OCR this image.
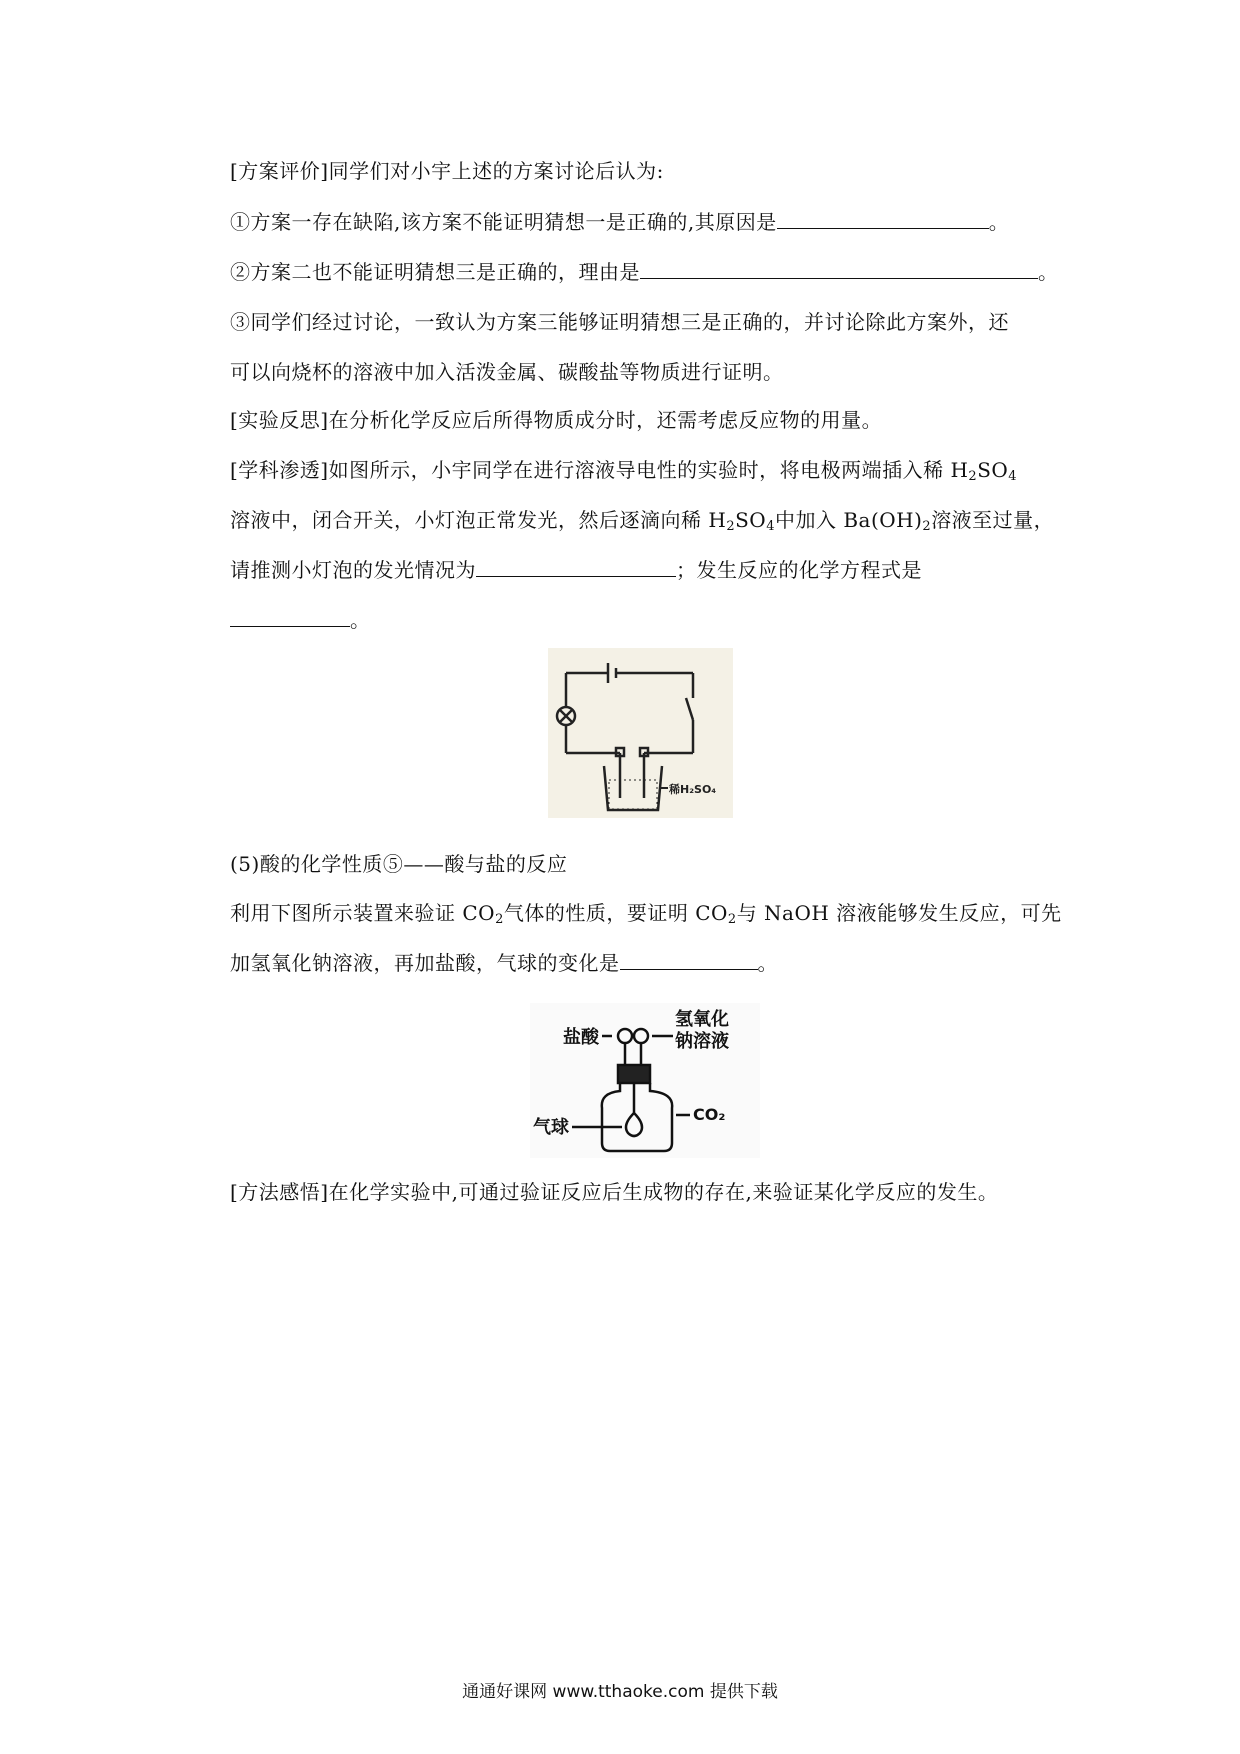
[方案评价]同学们对小宇上述的方案讨论后认为:
①方案一存在缺陷,该方案不能证明猜想一是正确的,其原因是	。
②方案二也不能证明猜想三是正确的，理由是	。
③同学们经过讨论，一致认为方案三能够证明猜想三是正确的，并讨论除此方案外，还
可以向烧杯的溶液中加入活泼金属、碳酸盐等物质进行证明。
[实验反思]在分析化学反应后所得物质成分时，还需考虑反应物的用量。
[学科渗透]如图所示，小宇同学在进行溶液导电性的实验时，将电极两端插入稀 $H_2SO_4$
溶液中，闭合开关，小灯泡正常发光，然后逐滴向稀 $H_2SO_4$中加入 $Ba(OH)_2$溶液至过量，
请推测小灯泡的发光情况为	；发生反应的化学方程式是
。
稀H₂SO₄
(5)酸的化学性质⑤——酸与盐的反应
利用下图所示装置来验证 $CO_2$气体的性质，要证明 $CO_2$与 NaOH 溶液能够发生反应，可先
加氢氧化钠溶液，再加盐酸，气球的变化是	。
盐酸
氢氧化
钠溶液
气球
CO₂
[方法感悟]在化学实验中,可通过验证反应后生成物的存在,来验证某化学反应的发生。
通通好课网 www.tthaoke.com 提供下载
